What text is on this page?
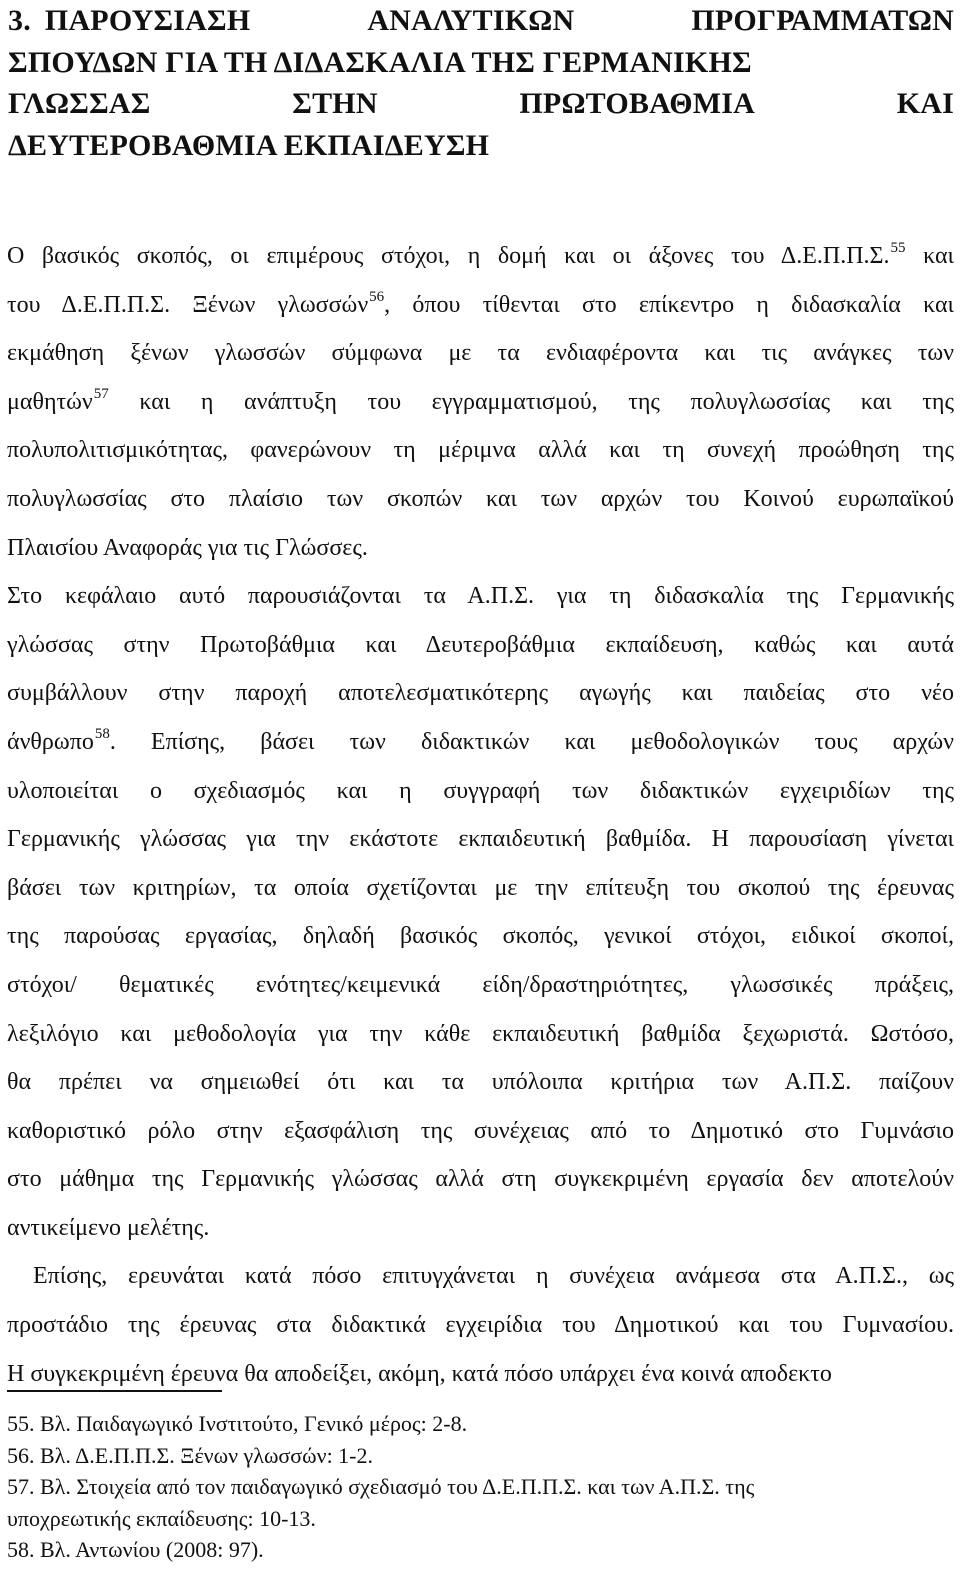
3. ΠΑΡΟΥΣΙΑΣΗ	ΑΝΑΛΥΤΙΚΩΝ	ΠΡΟΓΡΑΜΜΑΤΩΝ
ΣΠΟΥΔΩΝ ΓΙΑ ΤΗ ΔΙΔΑΣΚΑΛΙΑ ΤΗΣ ΓΕΡΜΑΝΙΚΗΣ
ΓΛΩΣΣΑΣ	ΣΤΗΝ	ΠΡΩΤΟΒΑΘΜΙΑ	ΚΑΙ
ΔΕΥΤΕΡΟΒΑΘΜΙΑ ΕΚΠΑΙΔΕΥΣΗ
Ο βασικός σκοπός, οι επιμέρους στόχοι, η δομή και οι άξονες του Δ.Ε.Π.Π.Σ.$^{55}$ και
του Δ.Ε.Π.Π.Σ. Ξένων γλωσσών$^{56}$, όπου τίθενται στο επίκεντρο η διδασκαλία και
εκμάθηση ξένων γλωσσών σύμφωνα με τα ενδιαφέροντα και τις ανάγκες των
μαθητών$^{57}$ και η ανάπτυξη του εγγραμματισμού, της πολυγλωσσίας και της
πολυπολιτισμικότητας, φανερώνουν τη μέριμνα αλλά και τη συνεχή προώθηση της
πολυγλωσσίας στο πλαίσιο των σκοπών και των αρχών του Κοινού ευρωπαϊκού
Πλαισίου Αναφοράς για τις Γλώσσες.
Στο κεφάλαιο αυτό παρουσιάζονται τα Α.Π.Σ. για τη διδασκαλία της Γερμανικής
γλώσσας στην Πρωτοβάθμια και Δευτεροβάθμια εκπαίδευση, καθώς και αυτά
συμβάλλουν στην παροχή αποτελεσματικότερης αγωγής και παιδείας στο νέο
άνθρωπο$^{58}$. Επίσης, βάσει των διδακτικών και μεθοδολογικών τους αρχών
υλοποιείται ο σχεδιασμός και η συγγραφή των διδακτικών εγχειριδίων της
Γερμανικής γλώσσας για την εκάστοτε εκπαιδευτική βαθμίδα. Η παρουσίαση γίνεται
βάσει των κριτηρίων, τα οποία σχετίζονται με την επίτευξη του σκοπού της έρευνας
της παρούσας εργασίας, δηλαδή βασικός σκοπός, γενικοί στόχοι, ειδικοί σκοποί,
στόχοι/ θεματικές ενότητες/κειμενικά είδη/δραστηριότητες, γλωσσικές πράξεις,
λεξιλόγιο και μεθοδολογία για την κάθε εκπαιδευτική βαθμίδα ξεχωριστά. Ωστόσο,
θα πρέπει να σημειωθεί ότι και τα υπόλοιπα κριτήρια των Α.Π.Σ. παίζουν
καθοριστικό ρόλο στην εξασφάλιση της συνέχειας από το Δημοτικό στο Γυμνάσιο
στο μάθημα της Γερμανικής γλώσσας αλλά στη συγκεκριμένη εργασία δεν αποτελούν
αντικείμενο μελέτης.
Επίσης, ερευνάται κατά πόσο επιτυγχάνεται η συνέχεια ανάμεσα στα Α.Π.Σ., ως
προστάδιο της έρευνας στα διδακτικά εγχειρίδια του Δημοτικού και του Γυμνασίου.
Η συγκεκριμένη έρευνα θα αποδείξει, ακόμη, κατά πόσο υπάρχει ένα κοινά αποδεκτο
55. Βλ. Παιδαγωγικό Ινστιτούτο, Γενικό μέρος: 2-8.
56. Βλ. Δ.Ε.Π.Π.Σ. Ξένων γλωσσών: 1-2.
57. Βλ. Στοιχεία από τον παιδαγωγικό σχεδιασμό του Δ.Ε.Π.Π.Σ. και των Α.Π.Σ. της
υποχρεωτικής εκπαίδευσης: 10-13.
58. Βλ. Αντωνίου (2008: 97).
